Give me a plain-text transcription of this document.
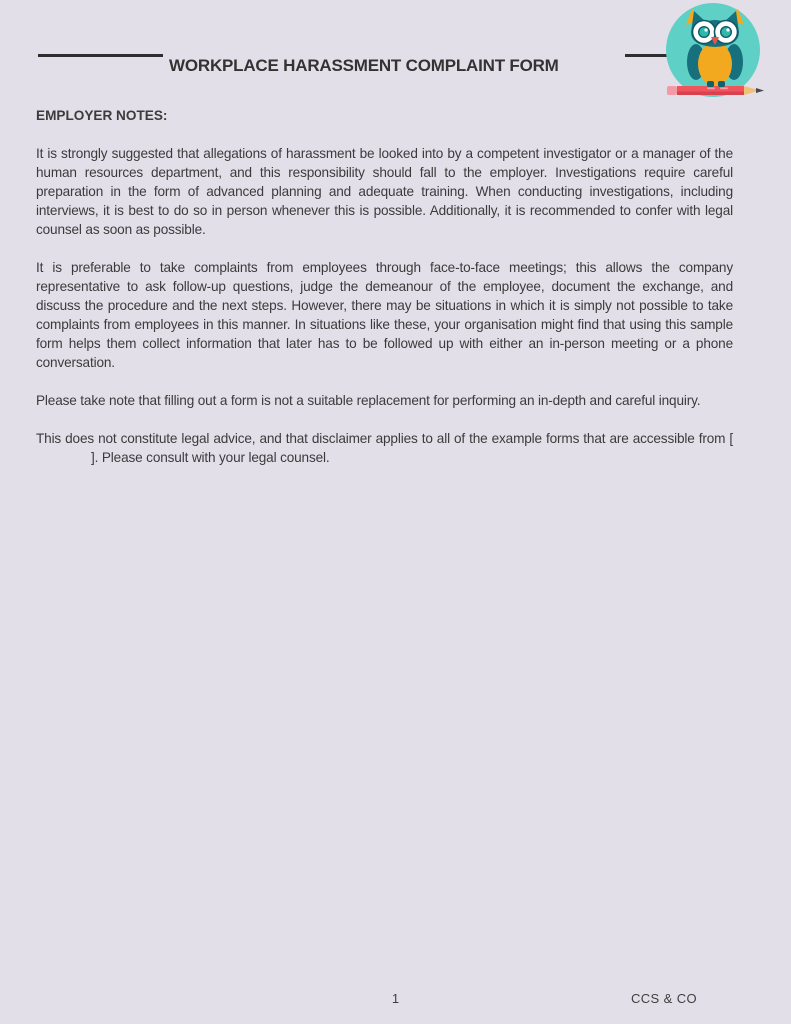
WORKPLACE HARASSMENT COMPLAINT FORM
EMPLOYER NOTES:

It is strongly suggested that allegations of harassment be looked into by a competent investigator or a manager of the human resources department, and this responsibility should fall to the employer. Investigations require careful preparation in the form of advanced planning and adequate training. When conducting investigations, including interviews, it is best to do so in person whenever this is possible. Additionally, it is recommended to confer with legal counsel as soon as possible.

It is preferable to take complaints from employees through face-to-face meetings; this allows the company representative to ask follow-up questions, judge the demeanour of the employee, document the exchange, and discuss the procedure and the next steps. However, there may be situations in which it is simply not possible to take complaints from employees in this manner. In situations like these, your organisation might find that using this sample form helps them collect information that later has to be followed up with either an in-person meeting or a phone conversation.

Please take note that filling out a form is not a suitable replacement for performing an in-depth and careful inquiry.

This does not constitute legal advice, and that disclaimer applies to all of the example forms that are accessible from []. Please consult with your legal counsel.

1	CCS & CO
